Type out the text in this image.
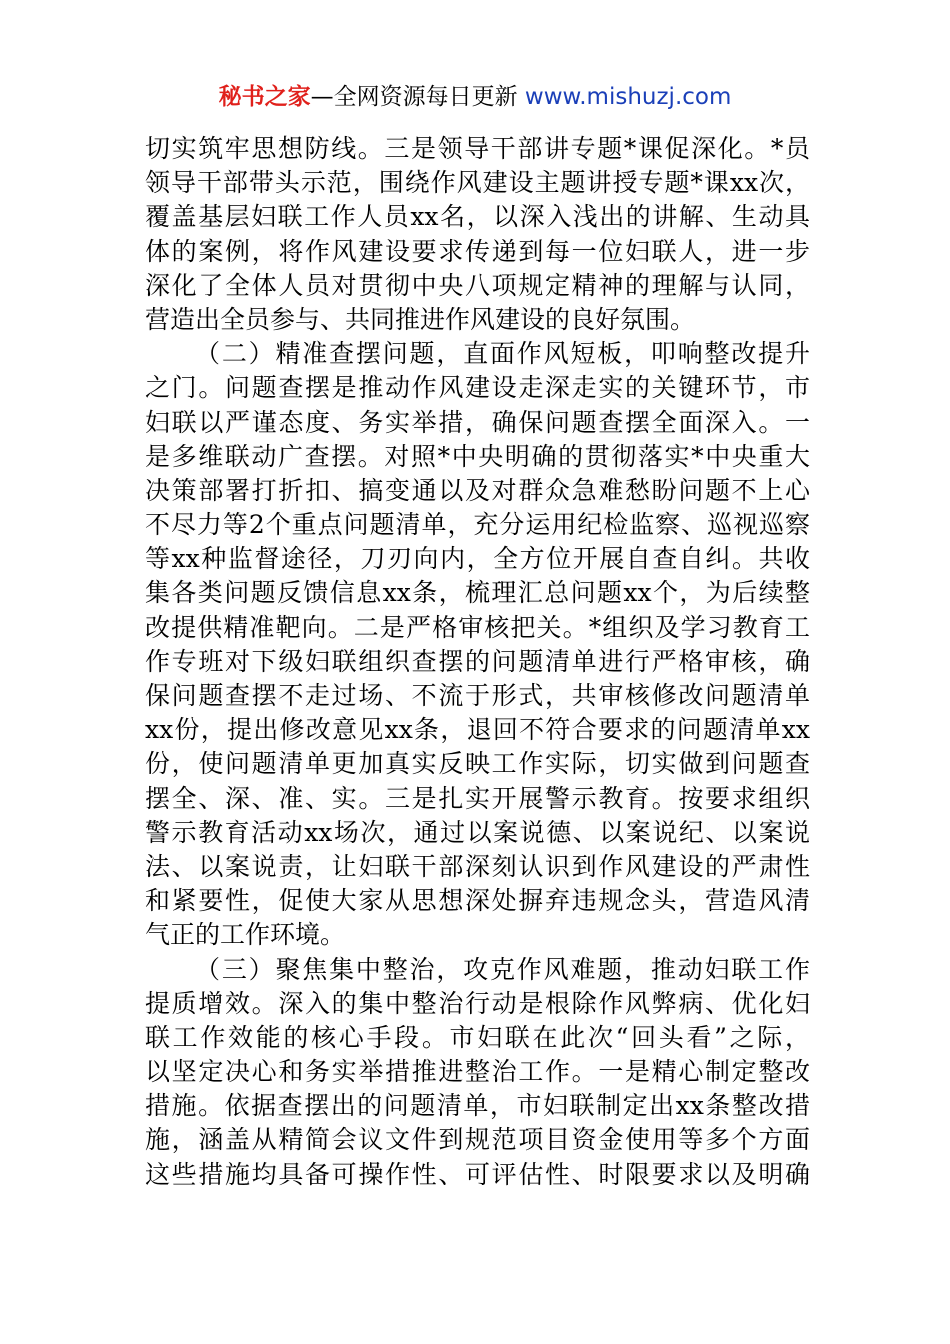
秘书之家—全网资源每日更新 www.mishuzj.com
切实筑牢思想防线。三是领导干部讲专题*课促深化。*员
领导干部带头示范，围绕作风建设主题讲授专题*课xx次，
覆盖基层妇联工作人员xx名，以深入浅出的讲解、生动具
体的案例，将作风建设要求传递到每一位妇联人，进一步
深化了全体人员对贯彻中央八项规定精神的理解与认同，
营造出全员参与、共同推进作风建设的良好氛围。
（二）精准查摆问题，直面作风短板，叩响整改提升
之门。问题查摆是推动作风建设走深走实的关键环节，市
妇联以严谨态度、务实举措，确保问题查摆全面深入。一
是多维联动广查摆。对照*中央明确的贯彻落实*中央重大
决策部署打折扣、搞变通以及对群众急难愁盼问题不上心
不尽力等2个重点问题清单，充分运用纪检监察、巡视巡察
等xx种监督途径，刀刃向内，全方位开展自查自纠。共收
集各类问题反馈信息xx条，梳理汇总问题xx个，为后续整
改提供精准靶向。二是严格审核把关。*组织及学习教育工
作专班对下级妇联组织查摆的问题清单进行严格审核，确
保问题查摆不走过场、不流于形式，共审核修改问题清单
xx份，提出修改意见xx条，退回不符合要求的问题清单xx
份，使问题清单更加真实反映工作实际，切实做到问题查
摆全、深、准、实。三是扎实开展警示教育。按要求组织
警示教育活动xx场次，通过以案说德、以案说纪、以案说
法、以案说责，让妇联干部深刻认识到作风建设的严肃性
和紧要性，促使大家从思想深处摒弃违规念头，营造风清
气正的工作环境。
（三）聚焦集中整治，攻克作风难题，推动妇联工作
提质增效。深入的集中整治行动是根除作风弊病、优化妇
联工作效能的核心手段。市妇联在此次“回头看”之际，
以坚定决心和务实举措推进整治工作。一是精心制定整改
措施。依据查摆出的问题清单，市妇联制定出xx条整改措
施，涵盖从精简会议文件到规范项目资金使用等多个方面
这些措施均具备可操作性、可评估性、时限要求以及明确
